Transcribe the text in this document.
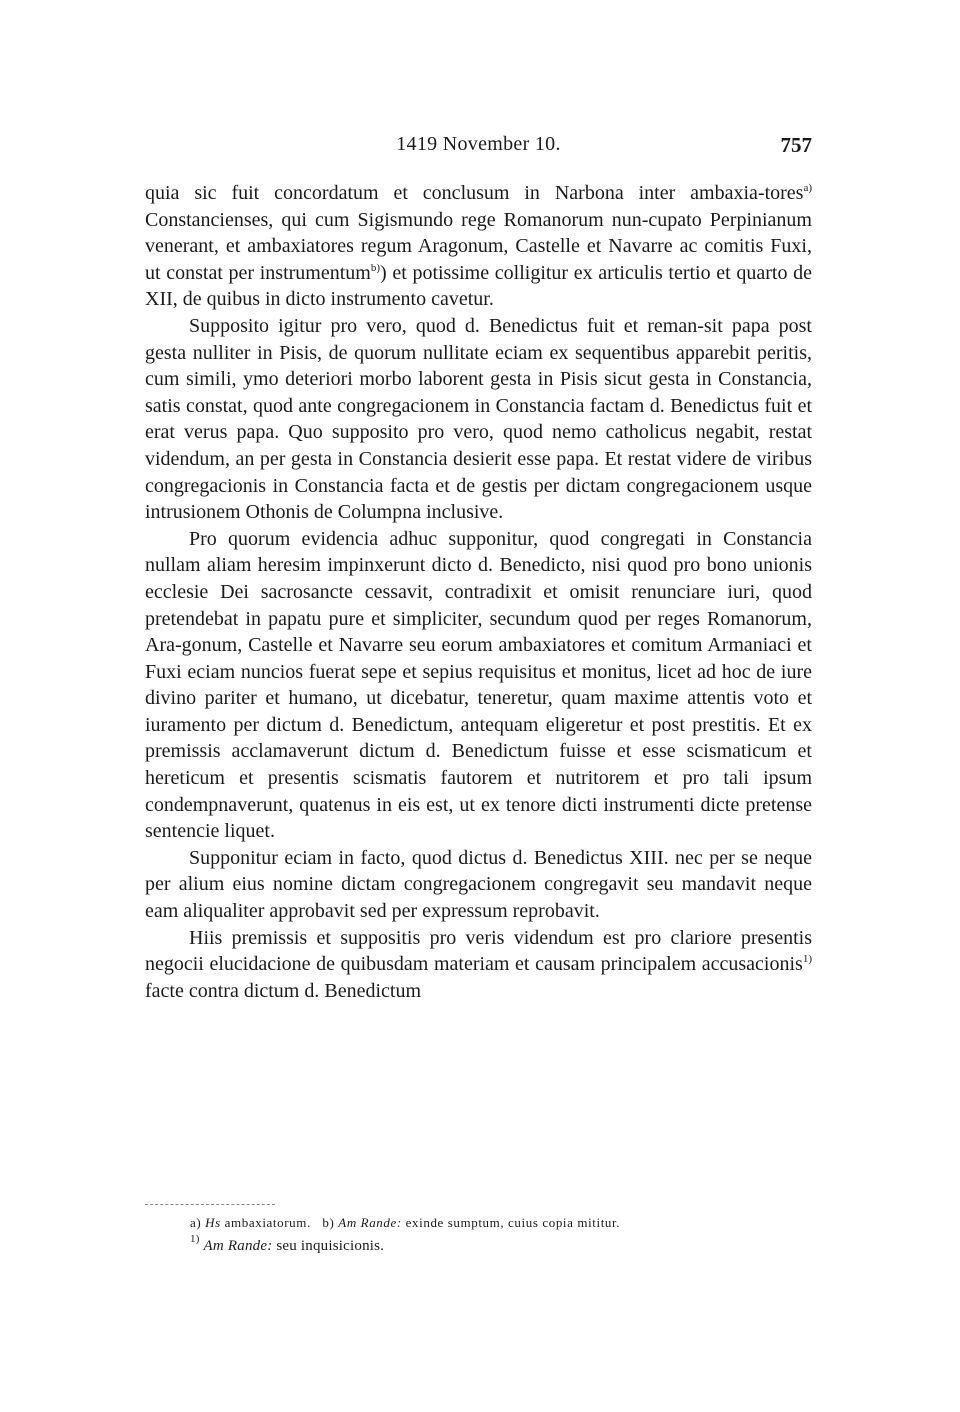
1419 November 10.	757

quia sic fuit concordatum et conclusum in Narbona inter ambaxia-tores$^{a)}$ Constancienses, qui cum Sigismundo rege Romanorum nun-cupato Perpinianum venerant, et ambaxiatores regum Aragonum, Castelle et Navarre ac comitis Fuxi, ut constat per instrumentum$^{b)}$) et potissime colligitur ex articulis tertio et quarto de XII, de quibus in dicto instrumento cavetur.

Supposito igitur pro vero, quod d. Benedictus fuit et reman-sit papa post gesta nulliter in Pisis, de quorum nullitate eciam ex sequentibus apparebit peritis, cum simili, ymo deteriori morbo laborent gesta in Pisis sicut gesta in Constancia, satis constat, quod ante congregacionem in Constancia factam d. Benedictus fuit et erat verus papa. Quo supposito pro vero, quod nemo catholicus negabit, restat videndum, an per gesta in Constancia desierit esse papa. Et restat videre de viribus congregacionis in Constancia facta et de gestis per dictam congregacionem usque intrusionem Othonis de Columpna inclusive.

Pro quorum evidencia adhuc supponitur, quod congregati in Constancia nullam aliam heresim impinxerunt dicto d. Benedicto, nisi quod pro bono unionis ecclesie Dei sacrosancte cessavit, contradixit et omisit renunciare iuri, quod pretendebat in papatu pure et simpliciter, secundum quod per reges Romanorum, Ara-gonum, Castelle et Navarre seu eorum ambaxiatores et comitum Armaniaci et Fuxi eciam nuncios fuerat sepe et sepius requisitus et monitus, licet ad hoc de iure divino pariter et humano, ut dicebatur, teneretur, quam maxime attentis voto et iuramento per dictum d. Benedictum, antequam eligeretur et post prestitis. Et ex premissis acclamaverunt dictum d. Benedictum fuisse et esse scismaticum et hereticum et presentis scismatis fautorem et nutritorem et pro tali ipsum condempnaverunt, quatenus in eis est, ut ex tenore dicti instrumenti dicte pretense sentencie liquet.

Supponitur eciam in facto, quod dictus d. Benedictus XIII. nec per se neque per alium eius nomine dictam congregacionem congregavit seu mandavit neque eam aliqualiter approbavit sed per expressum reprobavit.

Hiis premissis et suppositis pro veris videndum est pro clariore presentis negocii elucidacione de quibusdam materiam et causam principalem accusacionis$^{1)}$ facte contra dictum d. Benedictum

a) Hs ambaxiatorum. b) Am Rande: exinde sumptum, cuius copia mititur.
$^{1)}$ Am Rande: seu inquisicionis.
